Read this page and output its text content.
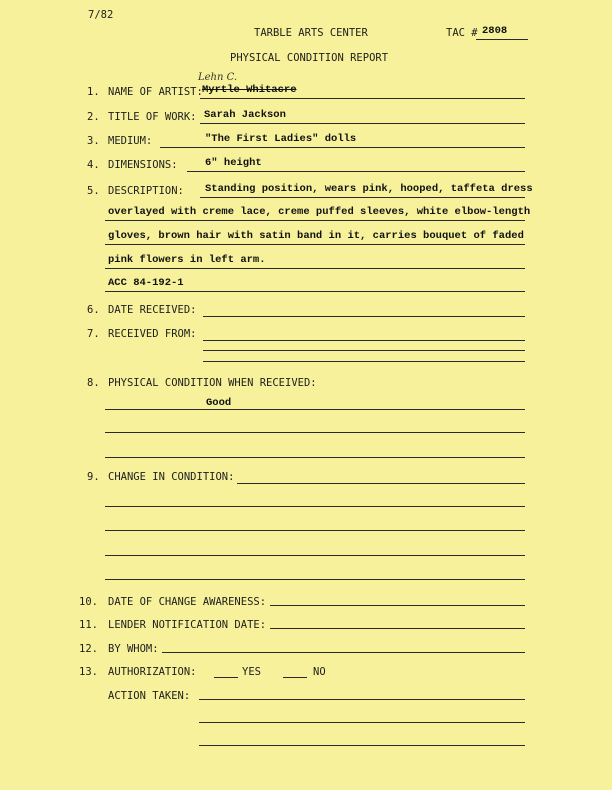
7/82
TARBLE ARTS CENTER	TAC # 2808
PHYSICAL CONDITION REPORT
Lehn C.
1. NAME OF ARTIST: Myrtle Whitacre
2. TITLE OF WORK: Sarah Jackson
3. MEDIUM:	"The First Ladies" dolls
4. DIMENSIONS:	6" height
5. DESCRIPTION: Standing position, wears pink, hooped, taffeta dress
overlayed with creme lace, creme puffed sleeves, white elbow-length
gloves, brown hair with satin band in it, carries bouquet of faded
pink flowers in left arm.
ACC 84-192-1
6. DATE RECEIVED:
7. RECEIVED FROM:
8. PHYSICAL CONDITION WHEN RECEIVED:
Good
9. CHANGE IN CONDITION:
10. DATE OF CHANGE AWARENESS:
11. LENDER NOTIFICATION DATE:
12. BY WHOM:
13. AUTHORIZATION:	YES	NO
ACTION TAKEN:
